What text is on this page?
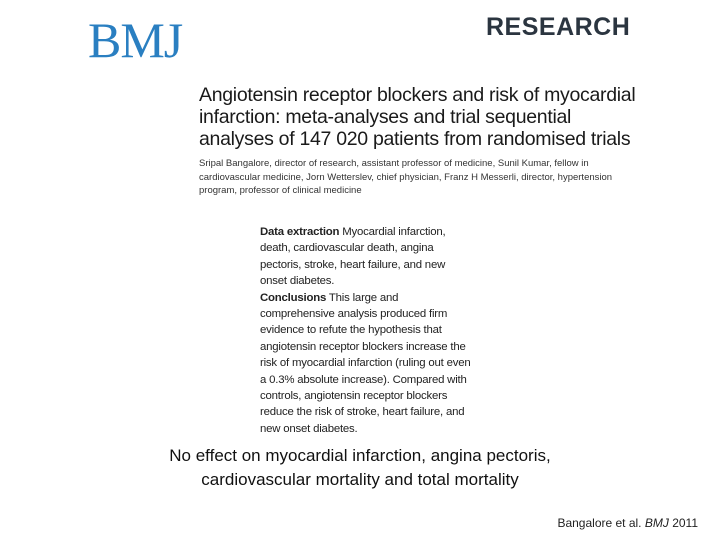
BMJ	RESEARCH
Angiotensin receptor blockers and risk of myocardial infarction: meta-analyses and trial sequential analyses of 147 020 patients from randomised trials
Sripal Bangalore, director of research, assistant professor of medicine, Sunil Kumar, fellow in cardiovascular medicine, Jorn Wetterslev, chief physician, Franz H Messerli, director, hypertension program, professor of clinical medicine

Data extraction Myocardial infarction, death, cardiovascular death, angina pectoris, stroke, heart failure, and new onset diabetes.

Conclusions This large and comprehensive analysis produced firm evidence to refute the hypothesis that angiotensin receptor blockers increase the risk of myocardial infarction (ruling out even a 0.3% absolute increase). Compared with controls, angiotensin receptor blockers reduce the risk of stroke, heart failure, and new onset diabetes.

No effect on myocardial infarction, angina pectoris,
cardiovascular mortality and total mortality
Bangalore et al. BMJ 2011
